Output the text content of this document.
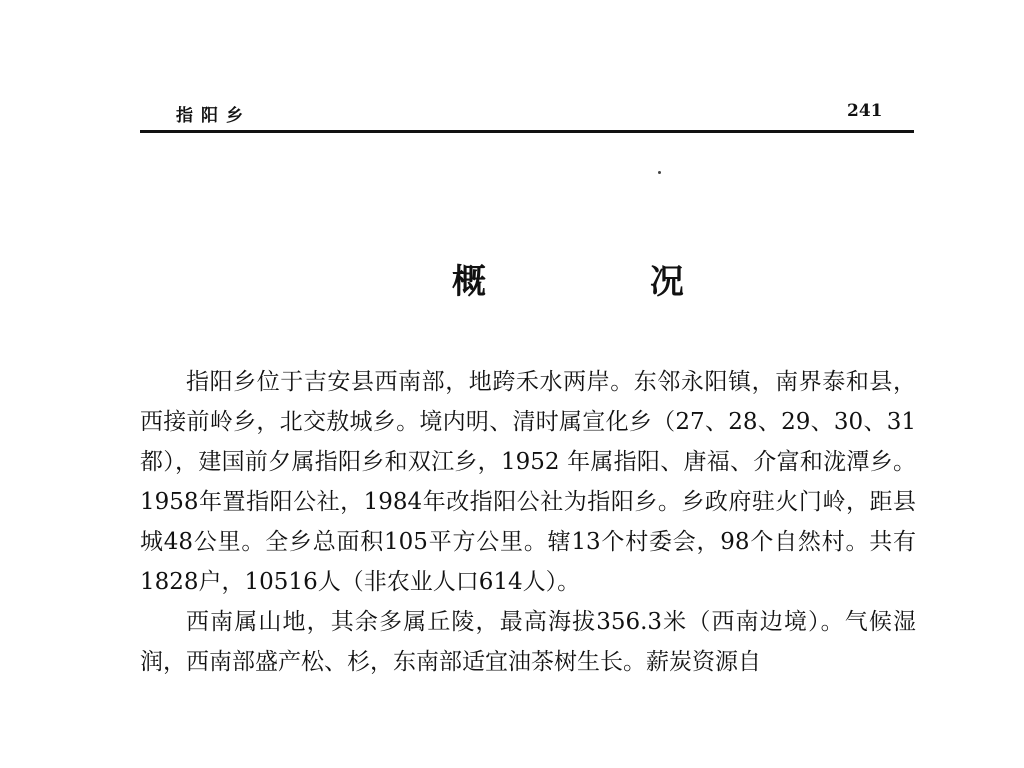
指阳乡	241
概 况

指阳乡位于吉安县西南部，地跨禾水两岸。东邻永阳镇，南界泰和县，西接前岭乡，北交敖城乡。境内明、清时属宣化乡（27、28、29、30、31都），建国前夕属指阳乡和双江乡，1952 年属指阳、唐福、介富和泷潭乡。1958年置指阳公社，1984年改指阳公社为指阳乡。乡政府驻火门岭，距县城48公里。全乡总面积105平方公里。辖13个村委会，98个自然村。共有1828户，10516人（非农业人口614人）。

西南属山地，其余多属丘陵，最高海拔356.3米（西南边境）。气候湿润，西南部盛产松、杉，东南部适宜油茶树生长。薪炭资源自
